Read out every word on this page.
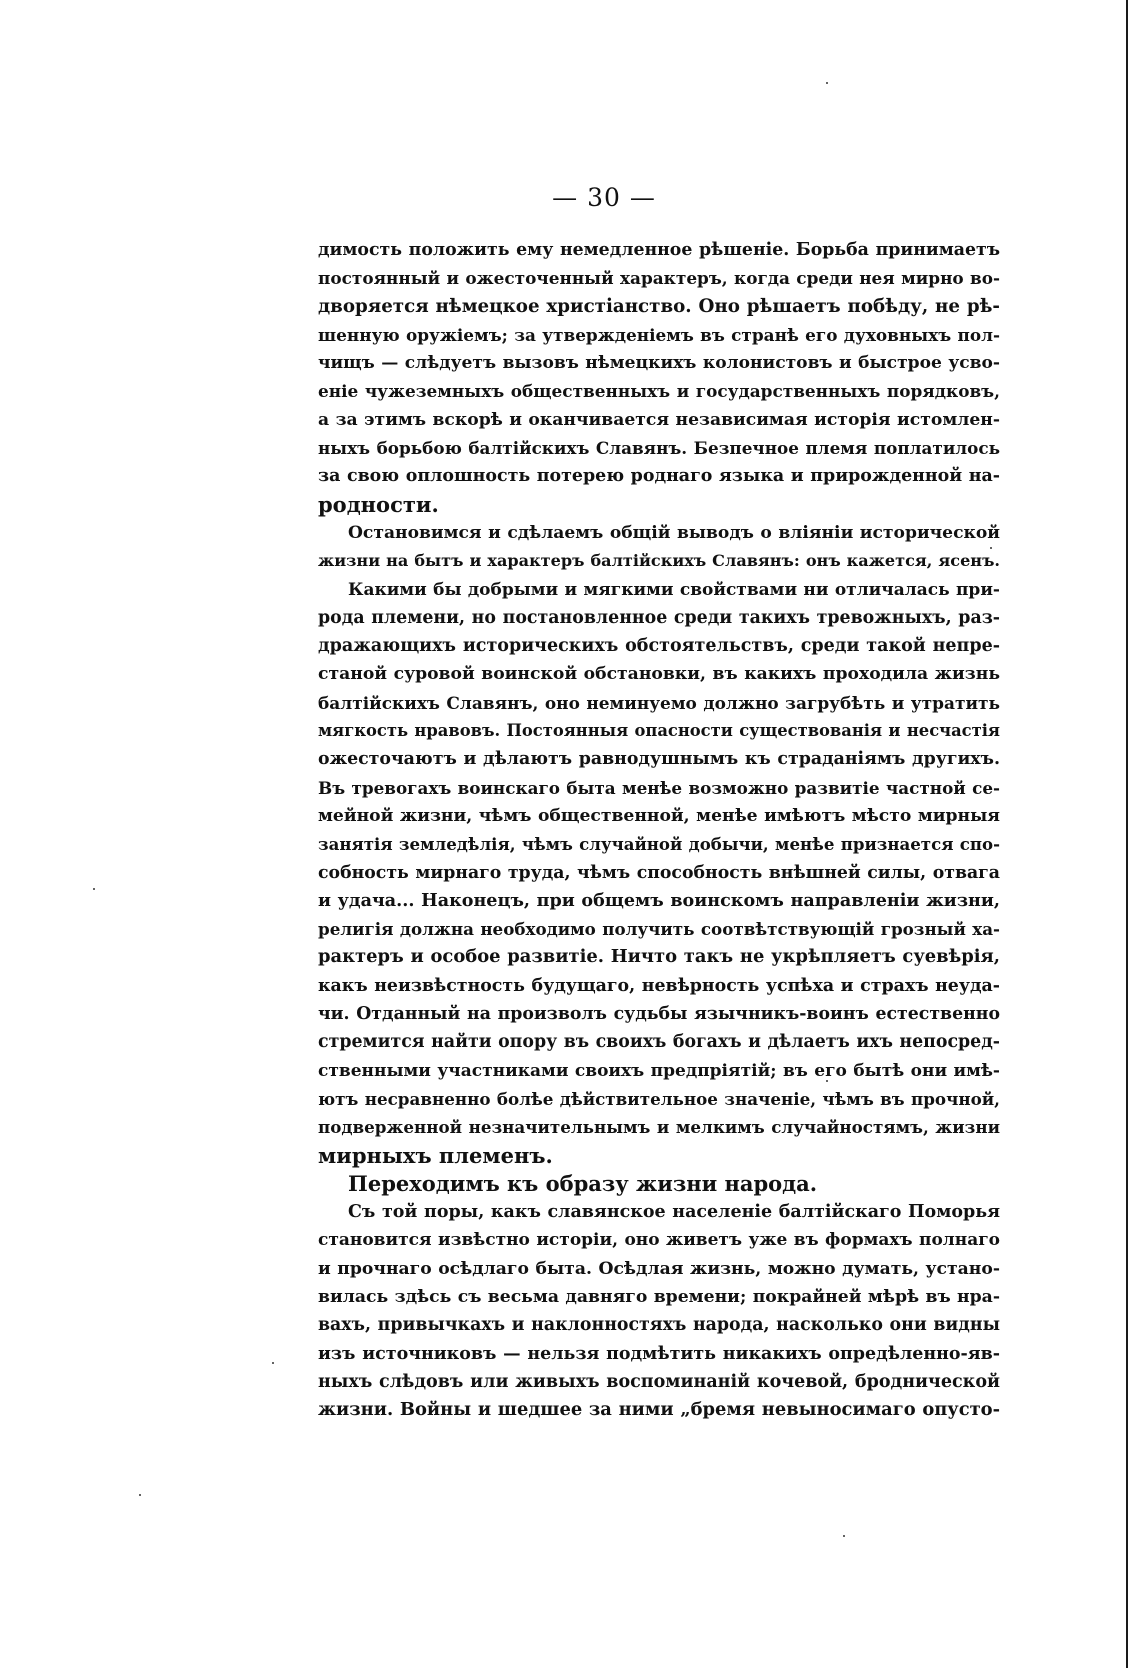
— 30 —
димость положить ему немедленное рѣшеніе. Борьба принимаетъ
постоянный и ожесточенный характеръ, когда среди нея мирно во-
дворяется нѣмецкое христіанство. Оно рѣшаетъ побѣду, не рѣ-
шенную оружіемъ; за утвержденіемъ въ странѣ его духовныхъ пол-
чищъ — слѣдуетъ вызовъ нѣмецкихъ колонистовъ и быстрое усво-
еніе чужеземныхъ общественныхъ и государственныхъ порядковъ,
а за этимъ вскорѣ и оканчивается независимая исторія истомлен-
ныхъ борьбою балтійскихъ Славянъ. Безпечное племя поплатилось
за свою оплошность потерею роднаго языка и прирожденной на-
родности.
Остановимся и сдѣлаемъ общій выводъ о вліяніи исторической
жизни на бытъ и характеръ балтійскихъ Славянъ: онъ кажется, ясенъ.
Какими бы добрыми и мягкими свойствами ни отличалась при-
рода племени, но постановленное среди такихъ тревожныхъ, раз-
дражающихъ историческихъ обстоятельствъ, среди такой непре-
станой суровой воинской обстановки, въ какихъ проходила жизнь
балтійскихъ Славянъ, оно неминуемо должно загрубѣть и утратить
мягкость нравовъ. Постоянныя опасности существованія и несчастія
ожесточаютъ и дѣлаютъ равнодушнымъ къ страданіямъ другихъ.
Въ тревогахъ воинскаго быта менѣе возможно развитіе частной се-
мейной жизни, чѣмъ общественной, менѣе имѣютъ мѣсто мирныя
занятія земледѣлія, чѣмъ случайной добычи, менѣе признается спо-
собность мирнаго труда, чѣмъ способность внѣшней силы, отвага
и удача... Наконецъ, при общемъ воинскомъ направленіи жизни,
религія должна необходимо получить соотвѣтствующій грозный ха-
рактеръ и особое развитіе. Ничто такъ не укрѣпляетъ суевѣрія,
какъ неизвѣстность будущаго, невѣрность успѣха и страхъ неуда-
чи. Отданный на произволъ судьбы язычникъ-воинъ естественно
стремится найти опору въ своихъ богахъ и дѣлаетъ ихъ непосред-
ственными участниками своихъ предпріятій; въ его бытѣ они имѣ-
ютъ несравненно болѣе дѣйствительное значеніе, чѣмъ въ прочной,
подверженной незначительнымъ и мелкимъ случайностямъ, жизни
мирныхъ племенъ.
Переходимъ къ образу жизни народа.
Съ той поры, какъ славянское населеніе балтійскаго Поморья
становится извѣстно исторіи, оно живетъ уже въ формахъ полнаго
и прочнаго осѣдлаго быта. Осѣдлая жизнь, можно думать, устано-
вилась здѣсь съ весьма давняго времени; покрайней мѣрѣ въ нра-
вахъ, привычкахъ и наклонностяхъ народа, насколько они видны
изъ источниковъ — нельзя подмѣтить никакихъ опредѣленно-яв-
ныхъ слѣдовъ или живыхъ воспоминаній кочевой, бродничеcкой
жизни. Войны и шедшее за ними „бремя невыносимаго опусто-
